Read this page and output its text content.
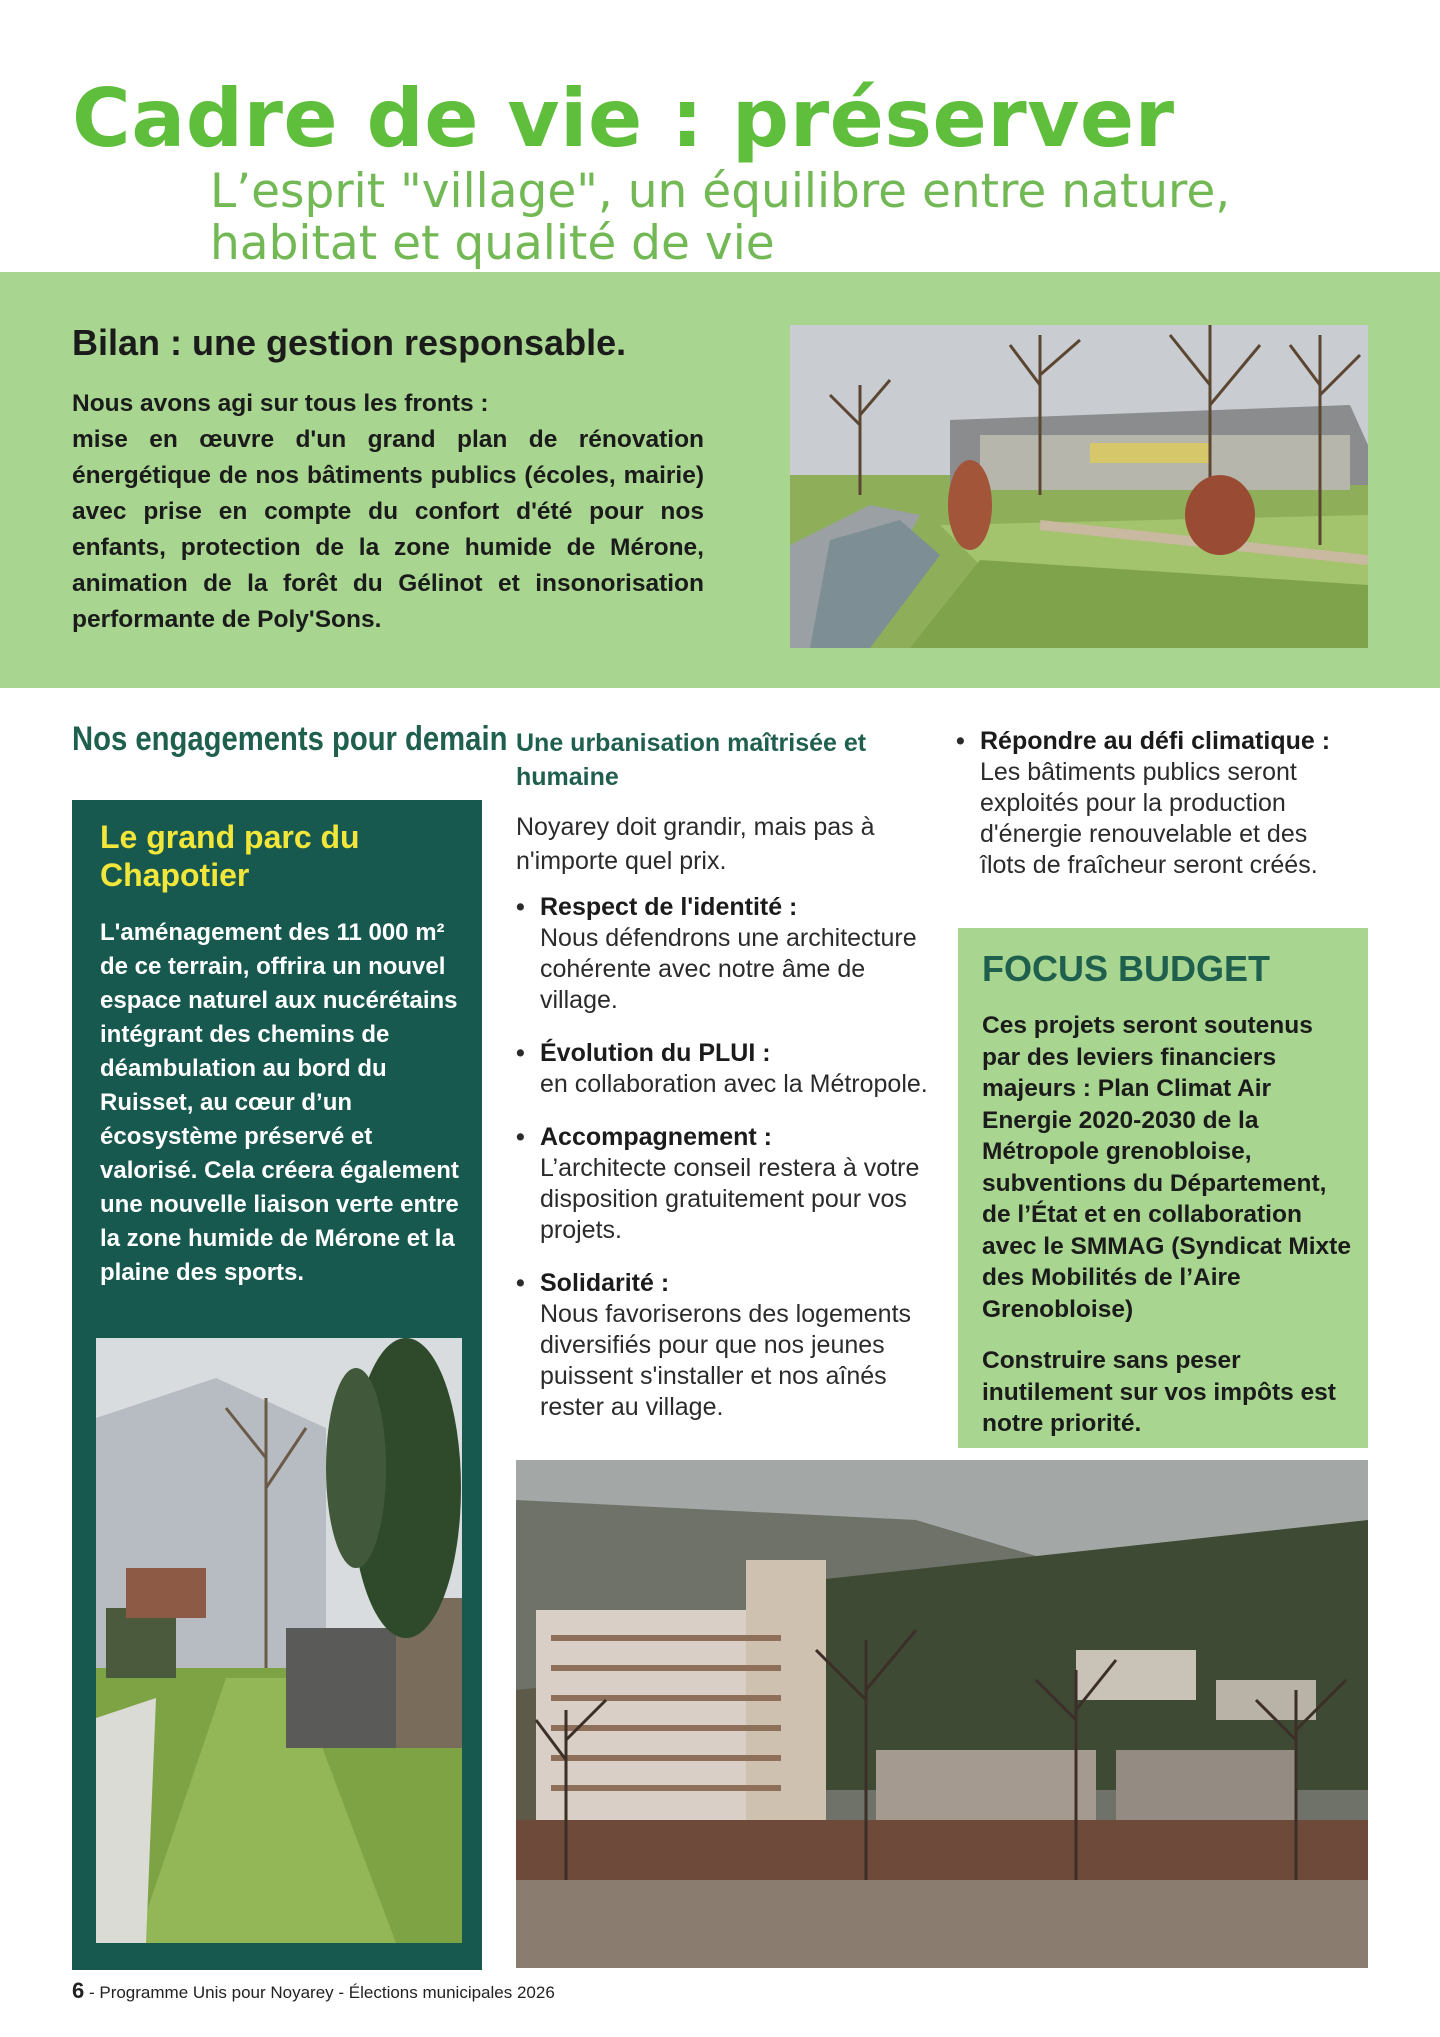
Cadre de vie : préserver
L’esprit "village", un équilibre entre nature, habitat et qualité de vie
Bilan : une gestion responsable.

Nous avons agi sur tous les fronts :

mise en œuvre d'un grand plan de rénovation énergétique de nos bâtiments publics (écoles, mairie) avec prise en compte du confort d'été pour nos enfants, protection de la zone humide de Mérone, animation de la forêt du Gélinot et insonorisation performante de Poly'Sons.

Nos engagements pour demain
Le grand parc du Chapotier
L'aménagement des 11 000 m² de ce terrain, offrira un nouvel espace naturel aux nucérétains intégrant des chemins de déambulation au bord du Ruisset, au cœur d’un écosystème préservé et valorisé. Cela créera également une nouvelle liaison verte entre la zone humide de Mérone et la plaine des sports.
Une urbanisation maîtrisée et humaine

Noyarey doit grandir, mais pas à n'importe quel prix.

• Respect de l'identité :
Nous défendrons une architecture cohérente avec notre âme de village.
• Évolution du PLUI :
en collaboration avec la Métropole.
• Accompagnement :
L’architecte conseil restera à votre disposition gratuitement pour vos projets.
• Solidarité :
Nous favoriserons des logements diversifiés pour que nos jeunes puissent s'installer et nos aînés rester au village.
• Répondre au défi climatique :
Les bâtiments publics seront exploités pour la production d'énergie renouvelable et des îlots de fraîcheur seront créés.
FOCUS BUDGET

Ces projets seront soutenus par des leviers financiers majeurs : Plan Climat Air Energie 2020-2030 de la Métropole grenobloise, subventions du Département, de l’État et en collaboration avec le SMMAG (Syndicat Mixte des Mobilités de l’Aire Grenobloise)

Construire sans peser inutilement sur vos impôts est notre priorité.

6 - Programme Unis pour Noyarey - Élections municipales 2026
